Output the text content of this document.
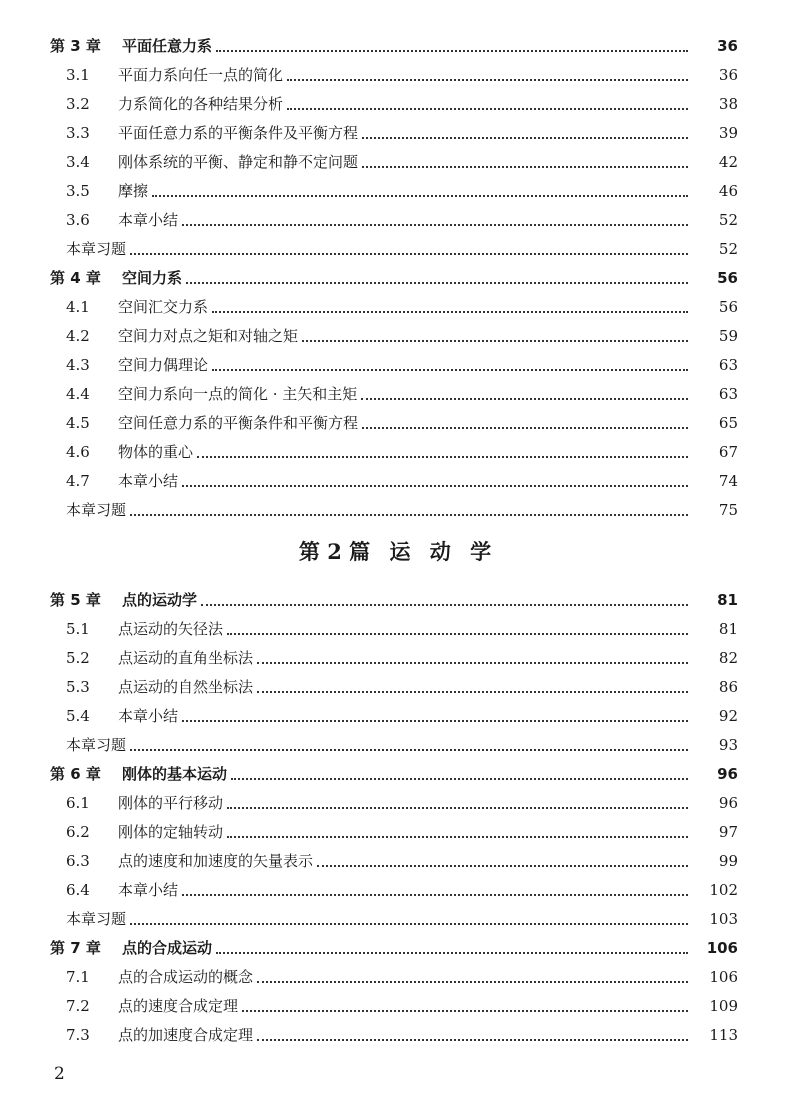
第 3 章	平面任意力系	36
3.1	平面力系向任一点的简化	36
3.2	力系简化的各种结果分析	38
3.3	平面任意力系的平衡条件及平衡方程	39
3.4	刚体系统的平衡、静定和静不定问题	42
3.5	摩擦	46
3.6	本章小结	52
本章习题	52
第 4 章	空间力系	56
4.1	空间汇交力系	56
4.2	空间力对点之矩和对轴之矩	59
4.3	空间力偶理论	63
4.4	空间力系向一点的简化 · 主矢和主矩	63
4.5	空间任意力系的平衡条件和平衡方程	65
4.6	物体的重心	67
4.7	本章小结	74
本章习题	75
第 2 篇 运 动 学
第 5 章	点的运动学	81
5.1	点运动的矢径法	81
5.2	点运动的直角坐标法	82
5.3	点运动的自然坐标法	86
5.4	本章小结	92
本章习题	93
第 6 章	刚体的基本运动	96
6.1	刚体的平行移动	96
6.2	刚体的定轴转动	97
6.3	点的速度和加速度的矢量表示	99
6.4	本章小结	102
本章习题	103
第 7 章	点的合成运动	106
7.1	点的合成运动的概念	106
7.2	点的速度合成定理	109
7.3	点的加速度合成定理	113
2
